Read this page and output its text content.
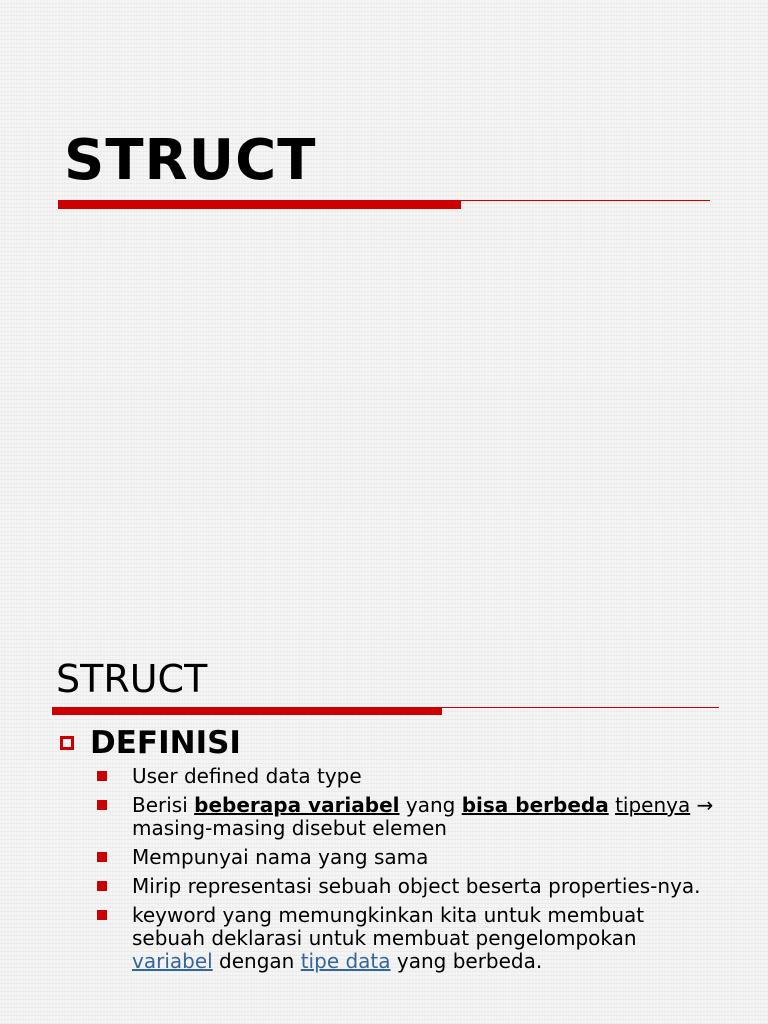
STRUCT
STRUCT
DEFINISI
User defined data type
Berisi beberapa variabel yang bisa berbeda tipenya → masing-masing disebut elemen
Mempunyai nama yang sama
Mirip representasi sebuah object beserta properties-nya.
keyword yang memungkinkan kita untuk membuat sebuah deklarasi untuk membuat pengelompokan variabel dengan tipe data yang berbeda.
